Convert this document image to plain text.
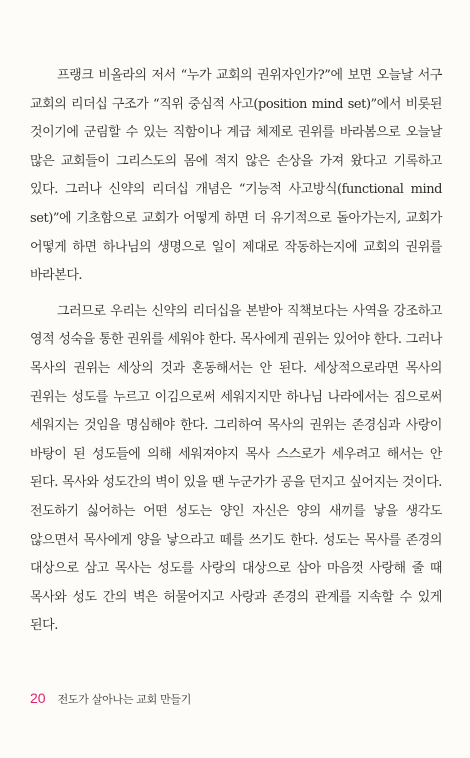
프랭크 비올라의 저서 “누가 교회의 권위자인가?”에 보면 오늘날 서구 교회의 리더십 구조가 “직위 중심적 사고(position mind set)”에서 비롯된 것이기에 군림할 수 있는 직함이나 계급 체제로 권위를 바라봄으로 오늘날 많은 교회들이 그리스도의 몸에 적지 않은 손상을 가져 왔다고 기록하고 있다. 그러나 신약의 리더십 개념은 “기능적 사고방식(functional mind set)”에 기초함으로 교회가 어떻게 하면 더 유기적으로 돌아가는지, 교회가 어떻게 하면 하나님의 생명으로 일이 제대로 작동하는지에 교회의 권위를 바라본다.

그러므로 우리는 신약의 리더십을 본받아 직책보다는 사역을 강조하고 영적 성숙을 통한 권위를 세워야 한다. 목사에게 권위는 있어야 한다. 그러나 목사의 권위는 세상의 것과 혼동해서는 안 된다. 세상적으로라면 목사의 권위는 성도를 누르고 이김으로써 세워지지만 하나님 나라에서는 짐으로써 세워지는 것임을 명심해야 한다. 그리하여 목사의 권위는 존경심과 사랑이 바탕이 된 성도들에 의해 세워져야지 목사 스스로가 세우려고 해서는 안 된다. 목사와 성도간의 벽이 있을 땐 누군가가 공을 던지고 싶어지는 것이다. 전도하기 싫어하는 어떤 성도는 양인 자신은 양의 새끼를 낳을 생각도 않으면서 목사에게 양을 낳으라고 떼를 쓰기도 한다. 성도는 목사를 존경의 대상으로 삼고 목사는 성도를 사랑의 대상으로 삼아 마음껏 사랑해 줄 때 목사와 성도 간의 벽은 허물어지고 사랑과 존경의 관계를 지속할 수 있게 된다.

20 전도가 살아나는 교회 만들기
